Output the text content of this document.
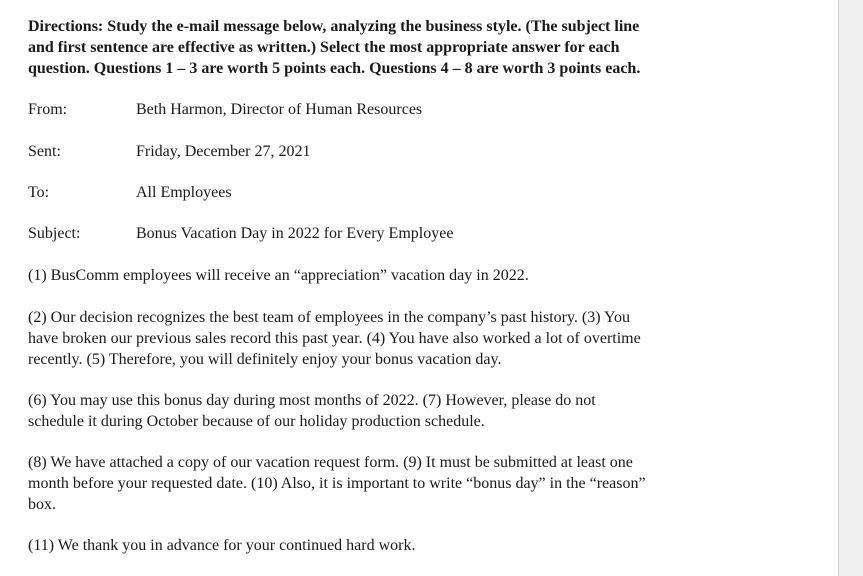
Directions: Study the e-mail message below, analyzing the business style. (The subject line
and first sentence are effective as written.) Select the most appropriate answer for each
question. Questions 1 – 3 are worth 5 points each. Questions 4 – 8 are worth 3 points each.
From:	Beth Harmon, Director of Human Resources
Sent:	Friday, December 27, 2021
To:	All Employees
Subject:	Bonus Vacation Day in 2022 for Every Employee
(1) BusComm employees will receive an “appreciation” vacation day in 2022.
(2) Our decision recognizes the best team of employees in the company’s past history. (3) You
have broken our previous sales record this past year. (4) You have also worked a lot of overtime
recently. (5) Therefore, you will definitely enjoy your bonus vacation day.
(6) You may use this bonus day during most months of 2022. (7) However, please do not
schedule it during October because of our holiday production schedule.
(8) We have attached a copy of our vacation request form. (9) It must be submitted at least one
month before your requested date. (10) Also, it is important to write “bonus day” in the “reason”
box.
(11) We thank you in advance for your continued hard work.
